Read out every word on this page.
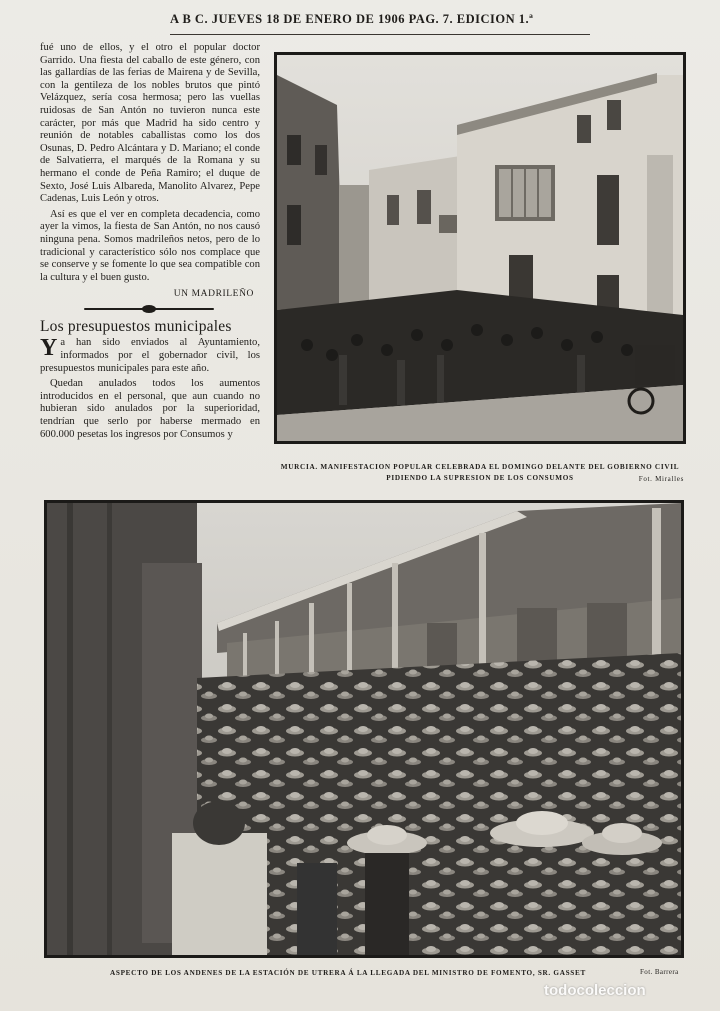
A B C. JUEVES 18 DE ENERO DE 1906 PAG. 7. EDICION 1.ª

fué uno de ellos, y el otro el popular doctor Garrido. Una fiesta del caballo de este género, con las gallardías de las ferias de Mairena y de Sevilla, con la gentileza de los nobles brutos que pintó Velázquez, sería cosa hermosa; pero las vuellas ruidosas de San Antón no tuvieron nunca este carácter, por más que Madrid ha sido centro y reunión de notables caballistas como los dos Osunas, D. Pedro Alcántara y D. Mariano; el conde de Salvatierra, el marqués de la Romana y su hermano el conde de Peña Ramiro; el duque de Sexto, José Luis Albareda, Manolito Alvarez, Pepe Cadenas, Luis León y otros.

Así es que el ver en completa decadencia, como ayer la vimos, la fiesta de San Antón, no nos causó ninguna pena. Somos madrileños netos, pero de lo tradicional y característico sólo nos complace que se conserve y se fomente lo que sea compatible con la cultura y el buen gusto.

UN MADRILEÑO
Los presupuestos municipales

Ya han sido enviados al Ayuntamiento, informados por el gobernador civil, los presupuestos municipales para este año.

Quedan anulados todos los aumentos introducidos en el personal, que aun cuando no hubieran sido anulados por la superioridad, tendrían que serlo por haberse mermado en 600.000 pesetas los ingresos por Consumos y

MURCIA. MANIFESTACION POPULAR CELEBRADA EL DOMINGO DELANTE DEL GOBIERNO CIVIL
PIDIENDO LA SUPRESION DE LOS CONSUMOS	Fot. Miralles
ASPECTO DE LOS ANDENES DE LA ESTACIÓN DE UTRERA Á LA LLEGADA DEL MINISTRO DE FOMENTO, SR. GASSET	Fot. Barrera
todocoleccion
